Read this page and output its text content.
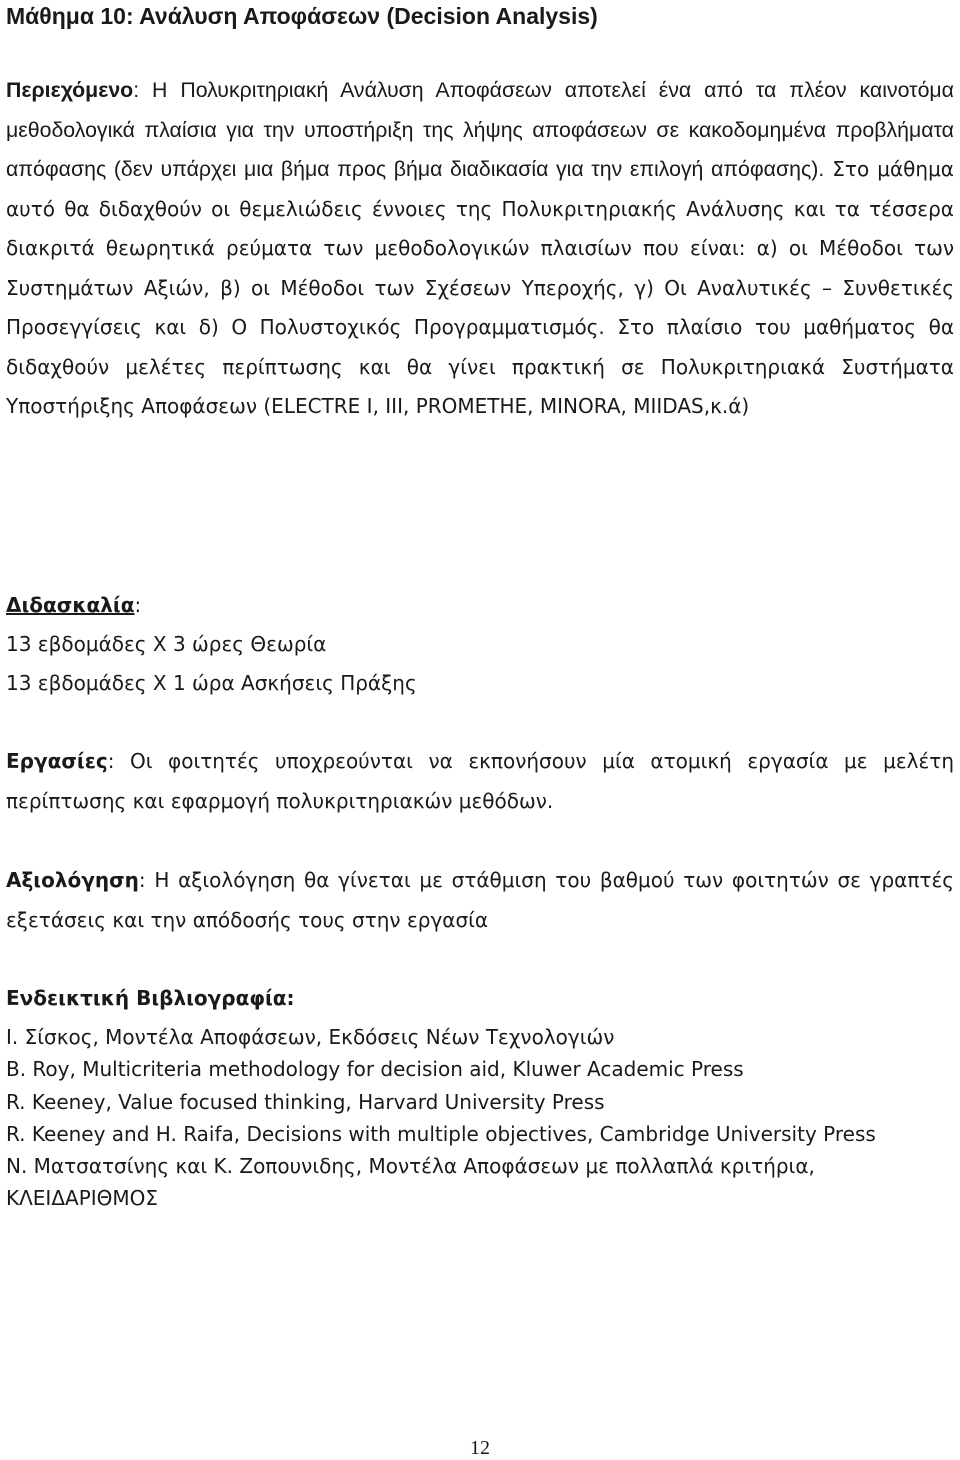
Μάθημα 10: Ανάλυση Αποφάσεων (Decision Analysis)

Περιεχόμενο: Η Πολυκριτηριακή Ανάλυση Αποφάσεων αποτελεί ένα από τα πλέον καινοτόμα μεθοδολογικά πλαίσια για την υποστήριξη της λήψης αποφάσεων σε κακοδομημένα προβλήματα απόφασης (δεν υπάρχει μια βήμα προς βήμα διαδικασία για την επιλογή απόφασης). Στο μάθημα αυτό θα διδαχθούν οι θεμελιώδεις έννοιες της Πολυκριτηριακής Ανάλυσης και τα τέσσερα διακριτά θεωρητικά ρεύματα των μεθοδολογικών πλαισίων που είναι: α) οι Μέθοδοι των Συστημάτων Αξιών, β) οι Μέθοδοι των Σχέσεων Υπεροχής, γ) Οι Αναλυτικές – Συνθετικές Προσεγγίσεις και δ) Ο Πολυστοχικός Προγραμματισμός. Στο πλαίσιο του μαθήματος θα διδαχθούν μελέτες περίπτωσης και θα γίνει πρακτική σε Πολυκριτηριακά Συστήματα Υποστήριξης Αποφάσεων (ELECTRE I, III, PROMETHE, MINORA, MIIDAS,κ.ά)

Διδασκαλία:
13 εβδομάδες Χ 3 ώρες Θεωρία
13 εβδομάδες Χ 1 ώρα Ασκήσεις Πράξης

Εργασίες: Οι φοιτητές υποχρεούνται να εκπονήσουν μία ατομική εργασία με μελέτη περίπτωσης και εφαρμογή πολυκριτηριακών μεθόδων.

Αξιολόγηση: Η αξιολόγηση θα γίνεται με στάθμιση του βαθμού των φοιτητών σε γραπτές εξετάσεις και την απόδοσής τους στην εργασία

Ενδεικτική Βιβλιογραφία:
Ι. Σίσκος, Μοντέλα Αποφάσεων, Εκδόσεις Νέων Τεχνολογιών
B. Roy, Multicriteria methodology for decision aid, Kluwer Academic Press
R. Keeney, Value focused thinking, Harvard University Press
R. Keeney and H. Raifa, Decisions with multiple objectives, Cambridge University Press
Ν. Ματσατσίνης και Κ. Ζοπουνιδης, Μοντέλα Αποφάσεων με πολλαπλά κριτήρια, ΚΛΕΙΔΑΡΙΘΜΟΣ
12
